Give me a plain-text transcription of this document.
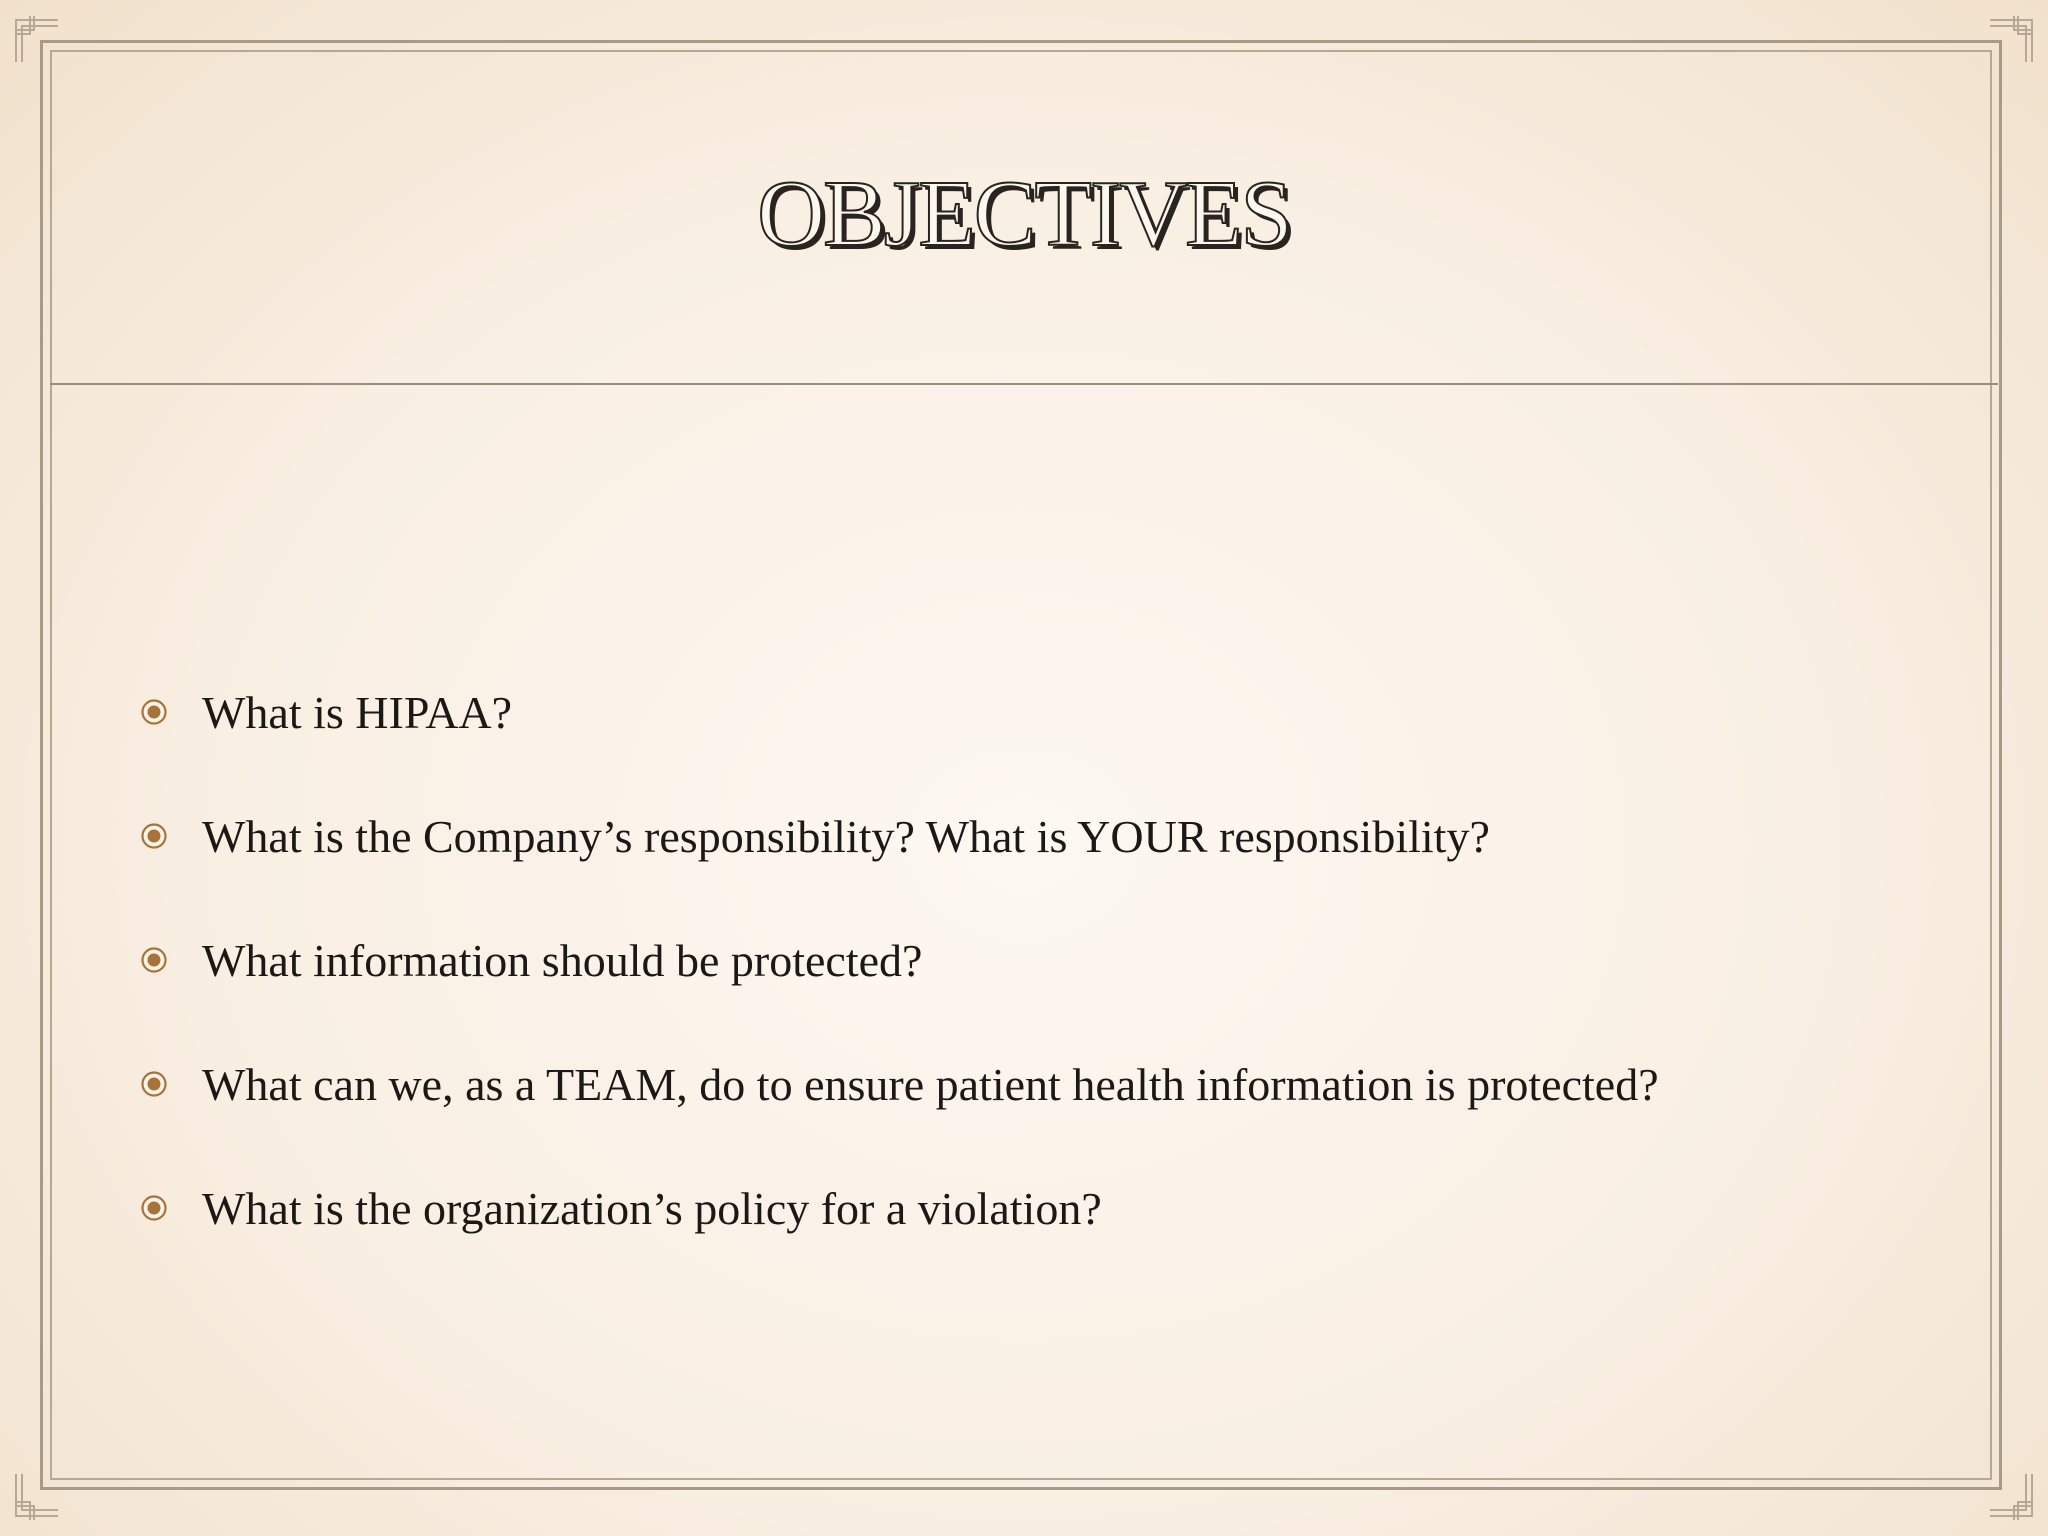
OBJECTIVES
What is HIPAA?
What is the Company’s responsibility? What is YOUR responsibility?
What information should be protected?
What can we, as a TEAM, do to ensure patient health information is protected?
What is the organization’s policy for a violation?
